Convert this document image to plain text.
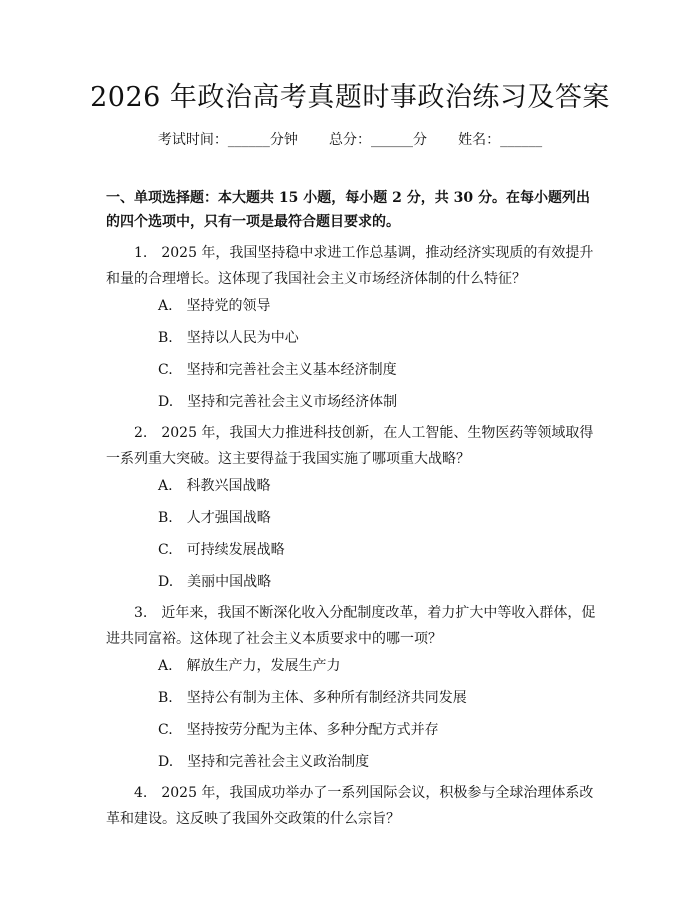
2026 年政治高考真题时事政治练习及答案
考试时间：______分钟 总分：______分 姓名：______
一、单项选择题：本大题共 15 小题，每小题 2 分，共 30 分。在每小题列出的四个选项中，只有一项是最符合题目要求的。
1.　2025 年，我国坚持稳中求进工作总基调，推动经济实现质的有效提升和量的合理增长。这体现了我国社会主义市场经济体制的什么特征？
A.　坚持党的领导
B.　坚持以人民为中心
C.　坚持和完善社会主义基本经济制度
D.　坚持和完善社会主义市场经济体制
2.　2025 年，我国大力推进科技创新，在人工智能、生物医药等领域取得一系列重大突破。这主要得益于我国实施了哪项重大战略？
A.　科教兴国战略
B.　人才强国战略
C.　可持续发展战略
D.　美丽中国战略
3.　近年来，我国不断深化收入分配制度改革，着力扩大中等收入群体，促进共同富裕。这体现了社会主义本质要求中的哪一项？
A.　解放生产力，发展生产力
B.　坚持公有制为主体、多种所有制经济共同发展
C.　坚持按劳分配为主体、多种分配方式并存
D.　坚持和完善社会主义政治制度
4.　2025 年，我国成功举办了一系列国际会议，积极参与全球治理体系改革和建设。这反映了我国外交政策的什么宗旨？
